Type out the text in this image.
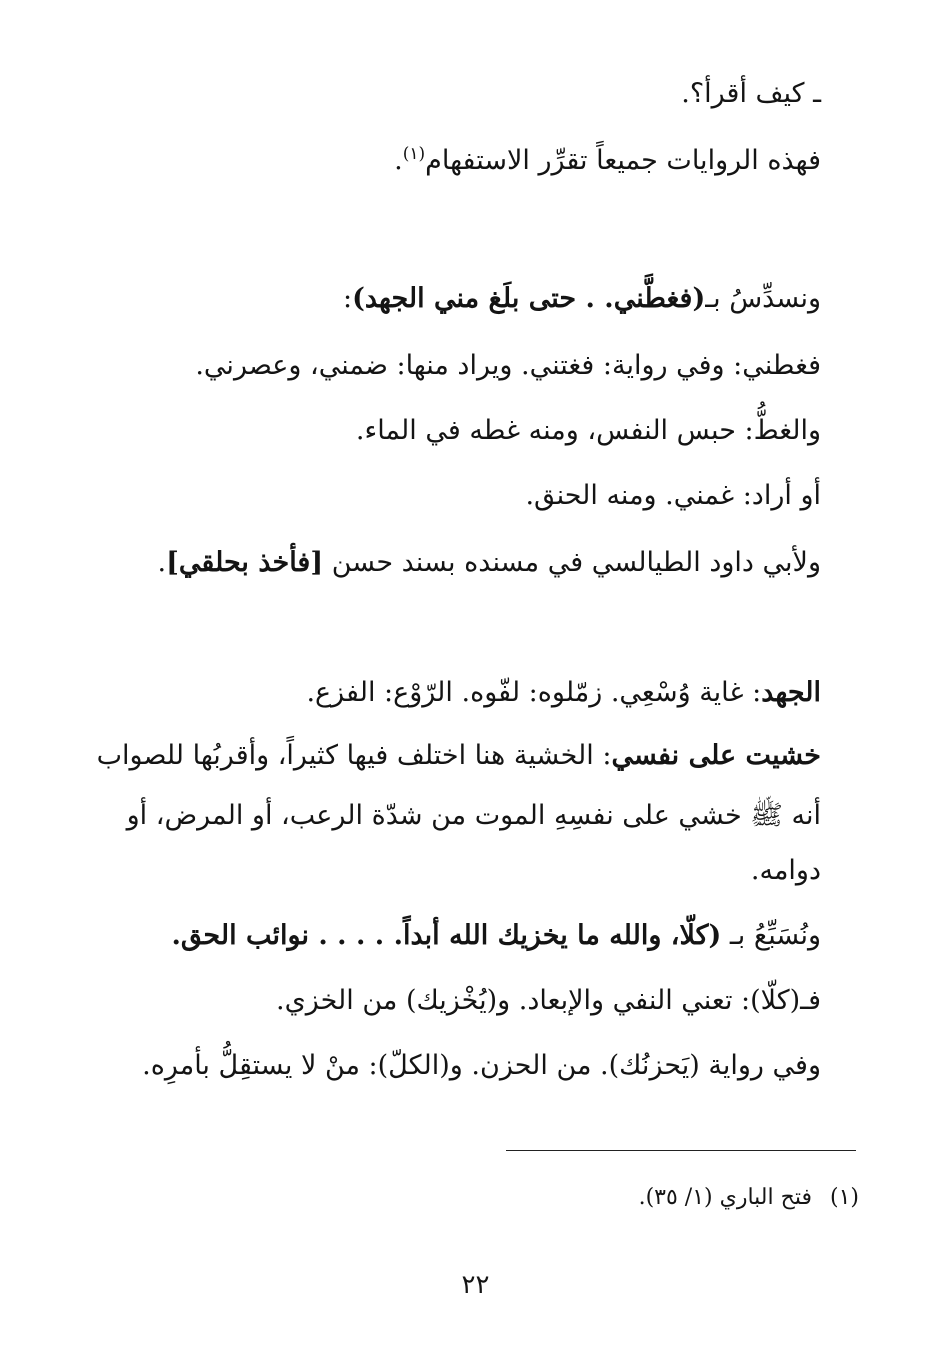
ـ كيف أقرأ؟.
فهذه الروايات جميعاً تقرِّر الاستفهام$^{(١)}$.
ونسدِّسُ بـ(فغطَّني. . حتى بلَغ مني الجهد):
فغطني: وفي رواية: فغتني. ويراد منها: ضمني، وعصرني.
والغطُّ: حبس النفس، ومنه غطه في الماء.
أو أراد: غمني. ومنه الحنق.
ولأبي داود الطيالسي في مسنده بسند حسن [فأخذ بحلقي].
الجهد: غاية وُسْعِي. زمّلوه: لفّوه. الرّوْع: الفزع.
خشيت على نفسي: الخشية هنا اختلف فيها كثيراً، وأقربُها للصواب
أنه ﷺ خشي على نفسِهِ الموت من شدّة الرعب، أو المرض، أو
دوامه.
ونُسَبِّعُ بـ (كلّا، والله ما يخزيك الله أبداً. . . . . نوائب الحق.
فـ(كلّا): تعني النفي والإبعاد. و(يُخْزيك) من الخزي.
وفي رواية (يَحزنُك). من الحزن. و(الكلّ): منْ لا يستقِلُّ بأمرِه.
(١)فتح الباري (١/ ٣٥).
٢٢
